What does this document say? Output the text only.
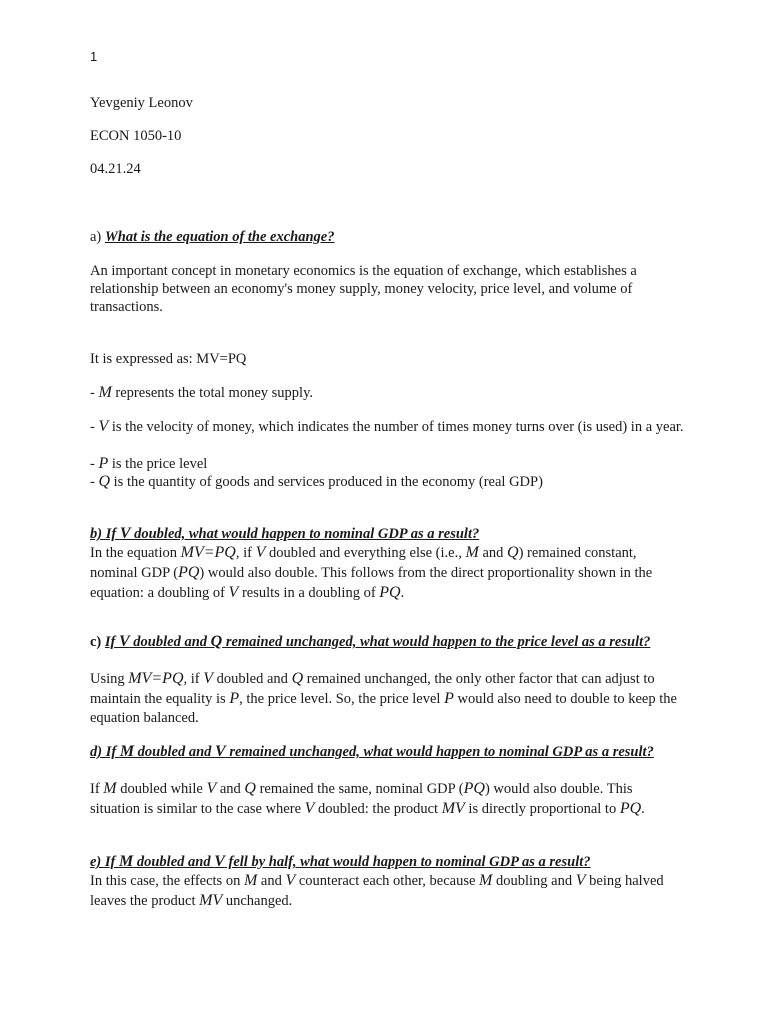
1
Yevgeniy Leonov
ECON 1050-10
04.21.24
a) What is the equation of the exchange?
An important concept in monetary economics is the equation of exchange, which establishes a relationship between an economy's money supply, money velocity, price level, and volume of transactions.
It is expressed as: MV=PQ
- M represents the total money supply.
- V is the velocity of money, which indicates the number of times money turns over (is used) in a year.
- P is the price level
- Q is the quantity of goods and services produced in the economy (real GDP)
b) If V doubled, what would happen to nominal GDP as a result?
In the equation MV=PQ, if V doubled and everything else (i.e., M and Q) remained constant, nominal GDP (PQ) would also double. This follows from the direct proportionality shown in the equation: a doubling of V results in a doubling of PQ.
c) If V doubled and Q remained unchanged, what would happen to the price level as a result?
Using MV=PQ, if V doubled and Q remained unchanged, the only other factor that can adjust to maintain the equality is P, the price level. So, the price level P would also need to double to keep the equation balanced.
d) If M doubled and V remained unchanged, what would happen to nominal GDP as a result?
If M doubled while V and Q remained the same, nominal GDP (PQ) would also double. This situation is similar to the case where V doubled: the product MV is directly proportional to PQ.
e) If M doubled and V fell by half, what would happen to nominal GDP as a result?
In this case, the effects on M and V counteract each other, because M doubling and V being halved leaves the product MV unchanged.
